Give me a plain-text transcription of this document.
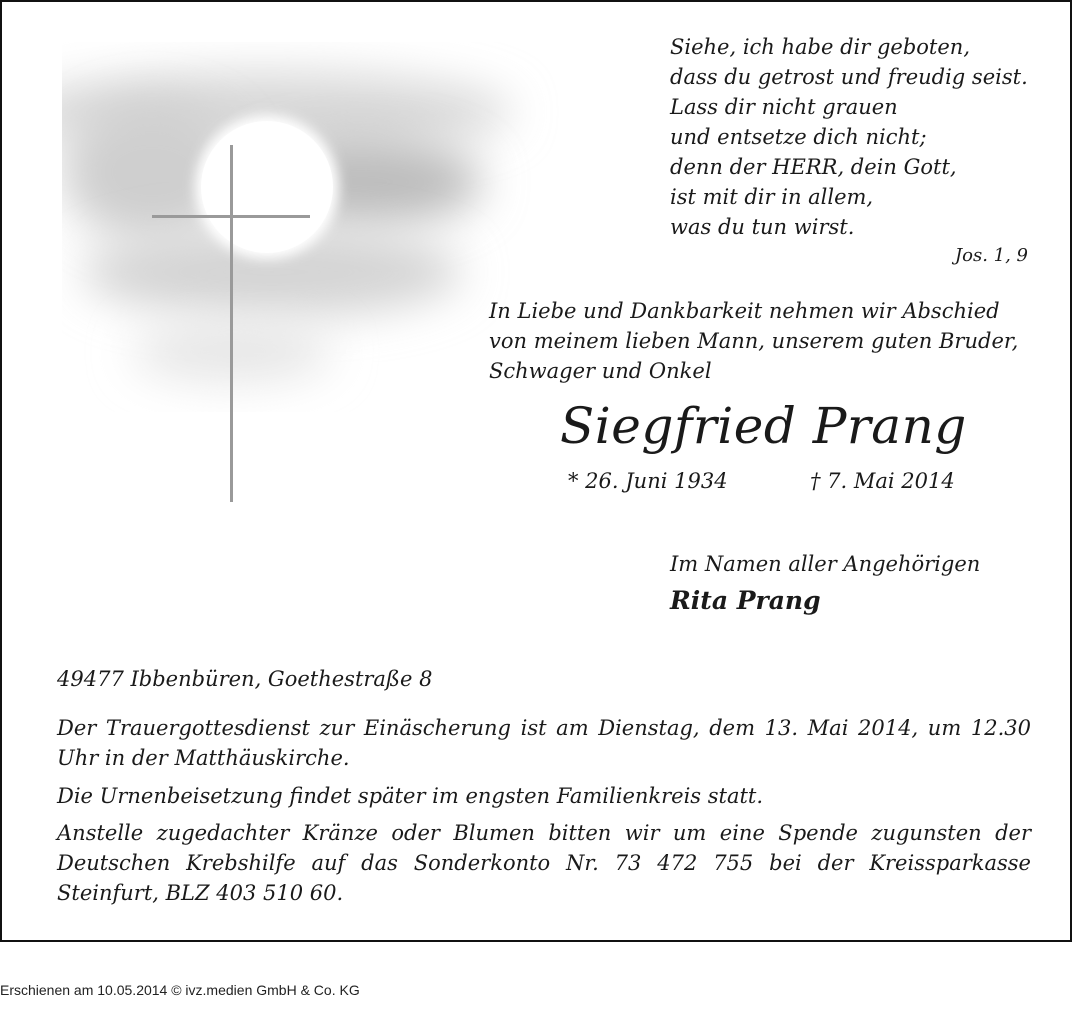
Siehe, ich habe dir geboten,
dass du getrost und freudig seist.
Lass dir nicht grauen
und entsetze dich nicht;
denn der HERR, dein Gott,
ist mit dir in allem,
was du tun wirst.
Jos. 1, 9
In Liebe und Dankbarkeit nehmen wir Abschied
von meinem lieben Mann, unserem guten Bruder,
Schwager und Onkel
Siegfried Prang
* 26. Juni 1934	† 7. Mai 2014
Im Namen aller Angehörigen
Rita Prang
49477 Ibbenbüren, Goethestraße 8
Der Trauergottesdienst zur Einäscherung ist am Dienstag, dem 13. Mai 2014, um 12.30 Uhr in der Matthäuskirche.
Die Urnenbeisetzung findet später im engsten Familienkreis statt.
Anstelle zugedachter Kränze oder Blumen bitten wir um eine Spende zugunsten der Deutschen Krebshilfe auf das Sonderkonto Nr. 73 472 755 bei der Kreissparkasse Steinfurt, BLZ 403 510 60.
Erschienen am 10.05.2014 © ivz.medien GmbH & Co. KG
